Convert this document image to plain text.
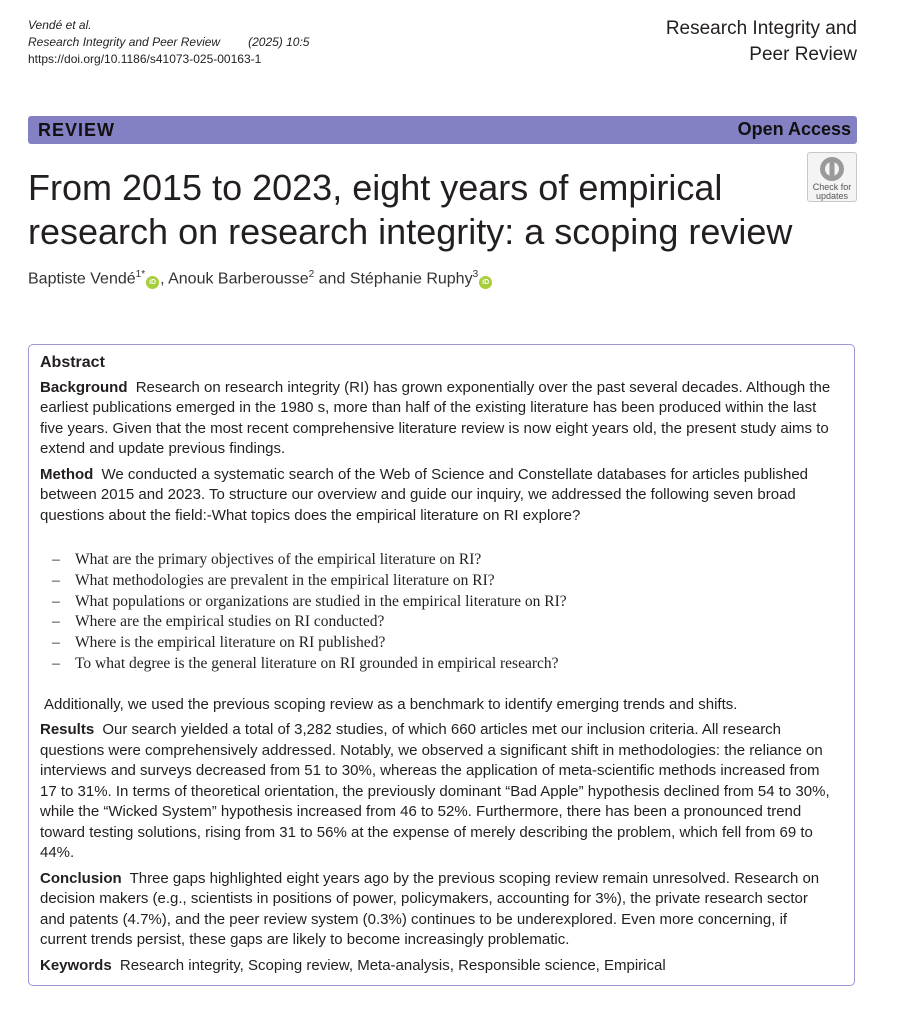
Vendé et al.
Research Integrity and Peer Review (2025) 10:5
https://doi.org/10.1186/s41073-025-00163-1
Research Integrity and
Peer Review
REVIEW	Open Access
Check for
updates
From 2015 to 2023, eight years of empirical research on research integrity: a scoping review
Baptiste Vendé$^{1*}$iD , Anouk Barberousse$^2$ and Stéphanie Ruphy$^3$iD
Abstract

Background Research on research integrity (RI) has grown exponentially over the past several decades. Although the earliest publications emerged in the 1980 s, more than half of the existing literature has been produced within the last five years. Given that the most recent comprehensive literature review is now eight years old, the present study aims to extend and update previous findings.

Method We conducted a systematic search of the Web of Science and Constellate databases for articles published between 2015 and 2023. To structure our overview and guide our inquiry, we addressed the following seven broad questions about the field:-What topics does the empirical literature on RI explore?

– What are the primary objectives of the empirical literature on RI?
– What methodologies are prevalent in the empirical literature on RI?
– What populations or organizations are studied in the empirical literature on RI?
– Where are the empirical studies on RI conducted?
– Where is the empirical literature on RI published?
– To what degree is the general literature on RI grounded in empirical research?
Additionally, we used the previous scoping review as a benchmark to identify emerging trends and shifts.

Results Our search yielded a total of 3,282 studies, of which 660 articles met our inclusion criteria. All research questions were comprehensively addressed. Notably, we observed a significant shift in methodologies: the reliance on interviews and surveys decreased from 51 to 30%, whereas the application of meta-scientific methods increased from 17 to 31%. In terms of theoretical orientation, the previously dominant “Bad Apple” hypothesis declined from 54 to 30%, while the “Wicked System” hypothesis increased from 46 to 52%. Furthermore, there has been a pronounced trend toward testing solutions, rising from 31 to 56% at the expense of merely describing the problem, which fell from 69 to 44%.

Conclusion Three gaps highlighted eight years ago by the previous scoping review remain unresolved. Research on decision makers (e.g., scientists in positions of power, policymakers, accounting for 3%), the private research sector and patents (4.7%), and the peer review system (0.3%) continues to be underexplored. Even more concerning, if current trends persist, these gaps are likely to become increasingly problematic.

Keywords Research integrity, Scoping review, Meta-analysis, Responsible science, Empirical
